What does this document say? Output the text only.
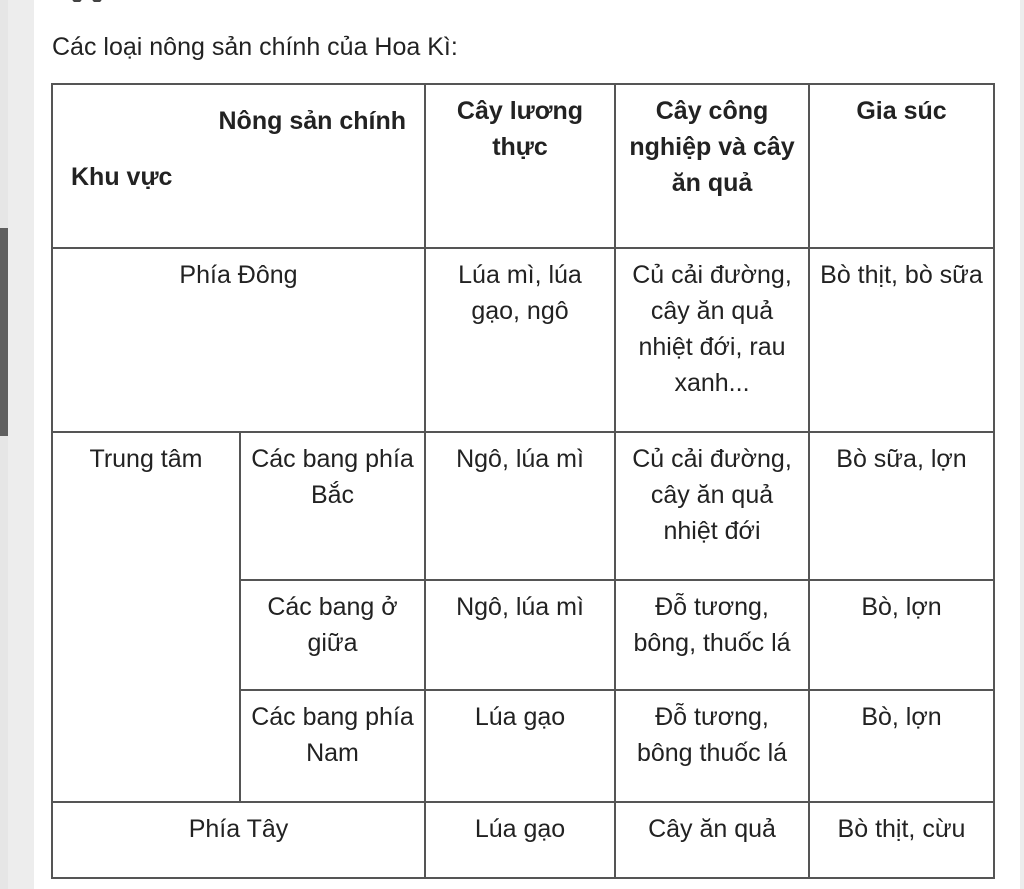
Các loại nông sản chính của Hoa Kì:
Nông sản chính
Khu vực		Cây lương thực	Cây công nghiệp và cây ăn quả	Gia súc
Phía Đông		Lúa mì, lúa gạo, ngô	Củ cải đường, cây ăn quả nhiệt đới, rau xanh...	Bò thịt, bò sữa
Trung tâm	Các bang phía Bắc	Ngô, lúa mì	Củ cải đường, cây ăn quả nhiệt đới	Bò sữa, lợn
	Các bang ở giữa	Ngô, lúa mì	Đỗ tương, bông, thuốc lá	Bò, lợn
	Các bang phía Nam	Lúa gạo	Đỗ tương, bông thuốc lá	Bò, lợn
Phía Tây		Lúa gạo	Cây ăn quả	Bò thịt, cừu
